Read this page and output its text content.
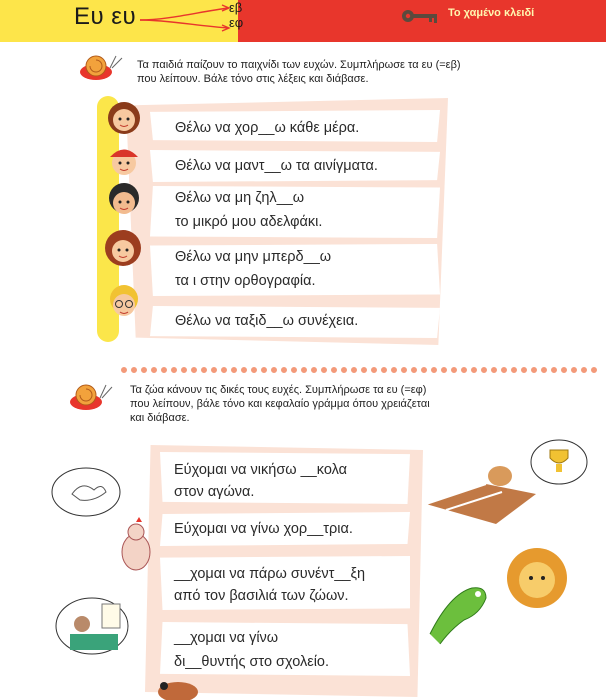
Ευ ευ	εβ
εφ
Το χαμένο κλειδί
Τα παιδιά παίζουν το παιχνίδι των ευχών. Συμπλήρωσε τα ευ (=εβ)
που λείπουν. Βάλε τόνο στις λέξεις και διάβασε.
Θέλω να χορ__ω κάθε μέρα.
Θέλω να μαντ__ω τα αινίγματα.
Θέλω να μη ζηλ__ω
το μικρό μου αδελφάκι.
Θέλω να μην μπερδ__ω
τα ι στην ορθογραφία.
Θέλω να ταξιδ__ω συνέχεια.
Τα ζώα κάνουν τις δικές τους ευχές. Συμπλήρωσε τα ευ (=εφ)
που λείπουν, βάλε τόνο και κεφαλαίο γράμμα όπου χρειάζεται
και διάβασε.
Εύχομαι να νικήσω __κολα
στον αγώνα.
Εύχομαι να γίνω χορ__τρια.
__χομαι να πάρω συνέντ__ξη
από τον βασιλιά των ζώων.
__χομαι να γίνω
δι__θυντής στο σχολείο.
